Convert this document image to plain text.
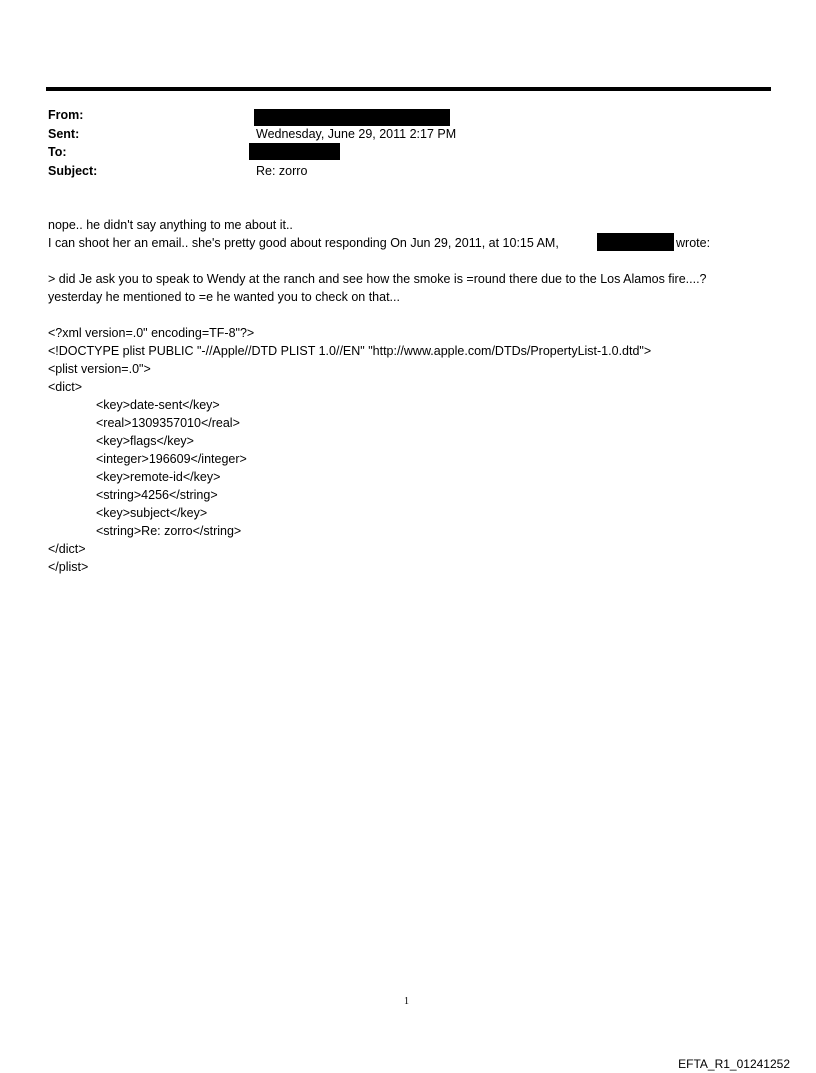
From:
Sent:	Wednesday, June 29, 2011 2:17 PM
To:
Subject:	Re: zorro
nope.. he didn't say anything to me about it..
I can shoot her an email.. she's pretty good about responding On Jun 29, 2011, at 10:15 AM,	wrote:
> did Je ask you to speak to Wendy at the ranch and see how the smoke is =round there due to the Los Alamos fire....?
yesterday he mentioned to =e he wanted you to check on that...
<?xml version=.0" encoding=TF-8"?>
<!DOCTYPE plist PUBLIC "-//Apple//DTD PLIST 1.0//EN" "http://www.apple.com/DTDs/PropertyList-1.0.dtd">
<plist version=.0">
<dict>
<key>date-sent</key>
<real>1309357010</real>
<key>flags</key>
<integer>196609</integer>
<key>remote-id</key>
<string>4256</string>
<key>subject</key>
<string>Re: zorro</string>
</dict>
</plist>
1
EFTA_R1_01241252
